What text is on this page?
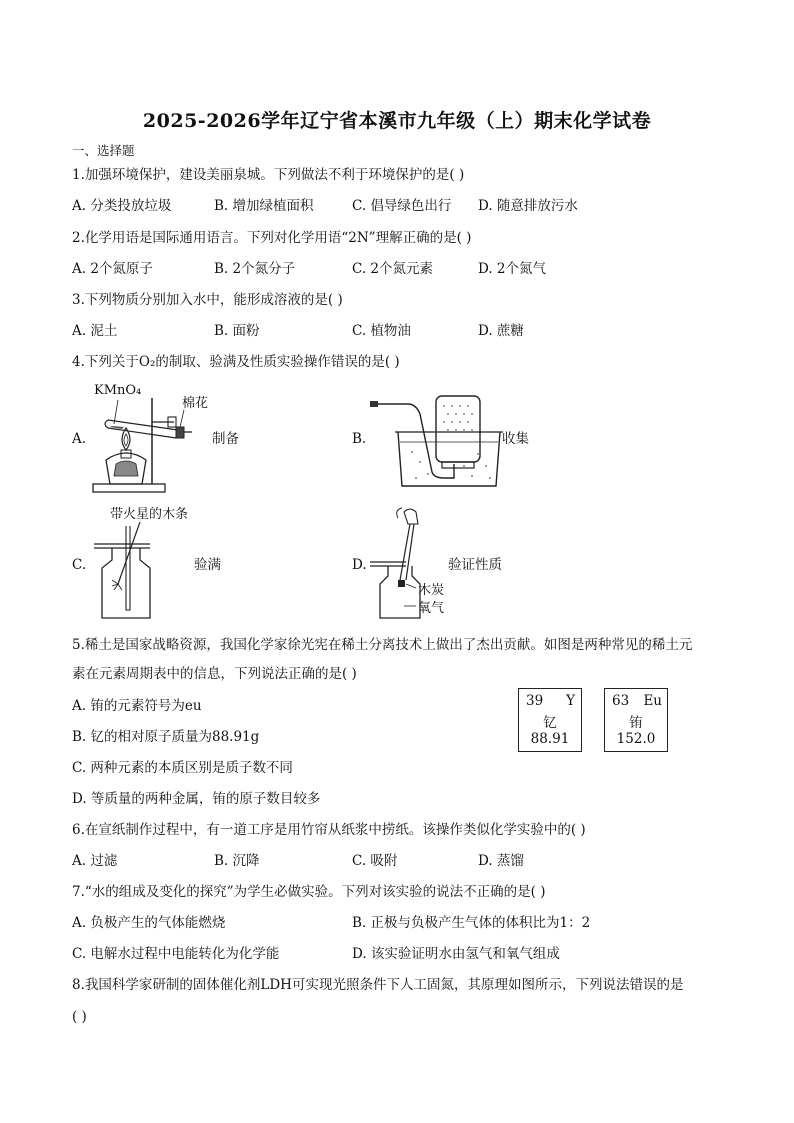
2025-2026学年辽宁省本溪市九年级（上）期末化学试卷
一、选择题
1.加强环境保护，建设美丽泉城。下列做法不利于环境保护的是( )
A. 分类投放垃圾	B. 增加绿植面积	C. 倡导绿色出行 D. 随意排放污水
2.化学用语是国际通用语言。下列对化学用语“2N”理解正确的是( )
A. 2个氮原子	B. 2个氮分子	C. 2个氮元素	D. 2个氮气
3.下列物质分别加入水中，能形成溶液的是( )
A. 泥土	B. 面粉	C. 植物油	D. 蔗糖
4.下列关于O₂的制取、验满及性质实验操作错误的是( )
A.
KMnO₄
棉花
制备	B.	收集
C.
带火星的木条
验满	D.
木炭
氧气
验证性质
5.稀土是国家战略资源，我国化学家徐光宪在稀土分离技术上做出了杰出贡献。如图是两种常见的稀土元
素在元素周期表中的信息，下列说法正确的是( )
A. 铕的元素符号为eu
B. 钇的相对原子质量为88.91g
C. 两种元素的本质区别是质子数不同
D. 等质量的两种金属，铕的原子数目较多
39 Y
钇
88.91
63 Eu
铕
152.0
6.在宣纸制作过程中，有一道工序是用竹帘从纸浆中捞纸。该操作类似化学实验中的( )
A. 过滤	B. 沉降	C. 吸附	D. 蒸馏
7.“水的组成及变化的探究”为学生必做实验。下列对该实验的说法不正确的是( )
A. 负极产生的气体能燃烧	B. 正极与负极产生气体的体积比为1：2
C. 电解水过程中电能转化为化学能	D. 该实验证明水由氢气和氧气组成
8.我国科学家研制的固体催化剂LDH可实现光照条件下人工固氮，其原理如图所示，下列说法错误的是
( )
